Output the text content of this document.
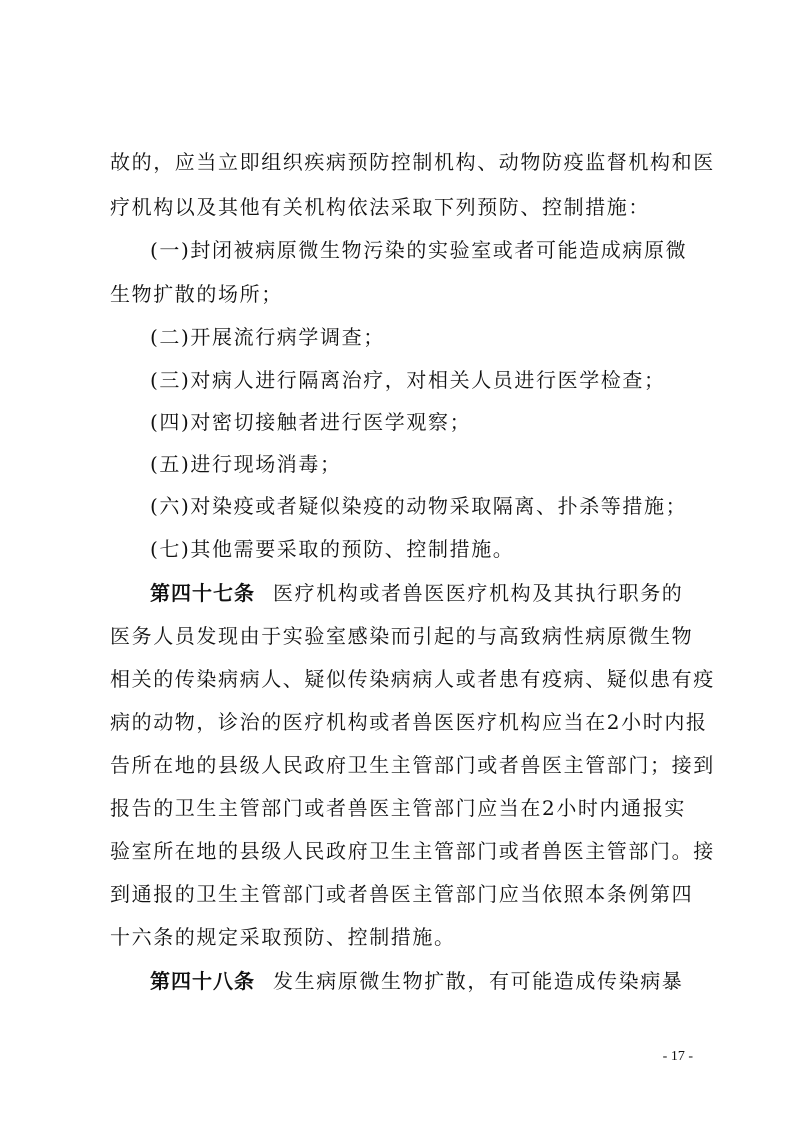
故的，应当立即组织疾病预防控制机构、动物防疫监督机构和医
疗机构以及其他有关机构依法采取下列预防、控制措施：
(一)封闭被病原微生物污染的实验室或者可能造成病原微
生物扩散的场所；
(二)开展流行病学调查；
(三)对病人进行隔离治疗，对相关人员进行医学检查；
(四)对密切接触者进行医学观察；
(五)进行现场消毒；
(六)对染疫或者疑似染疫的动物采取隔离、扑杀等措施；
(七)其他需要采取的预防、控制措施。
第四十七条 医疗机构或者兽医医疗机构及其执行职务的
医务人员发现由于实验室感染而引起的与高致病性病原微生物
相关的传染病病人、疑似传染病病人或者患有疫病、疑似患有疫
病的动物，诊治的医疗机构或者兽医医疗机构应当在2小时内报
告所在地的县级人民政府卫生主管部门或者兽医主管部门；接到
报告的卫生主管部门或者兽医主管部门应当在2小时内通报实
验室所在地的县级人民政府卫生主管部门或者兽医主管部门。接
到通报的卫生主管部门或者兽医主管部门应当依照本条例第四
十六条的规定采取预防、控制措施。
第四十八条 发生病原微生物扩散，有可能造成传染病暴
- 17 -
